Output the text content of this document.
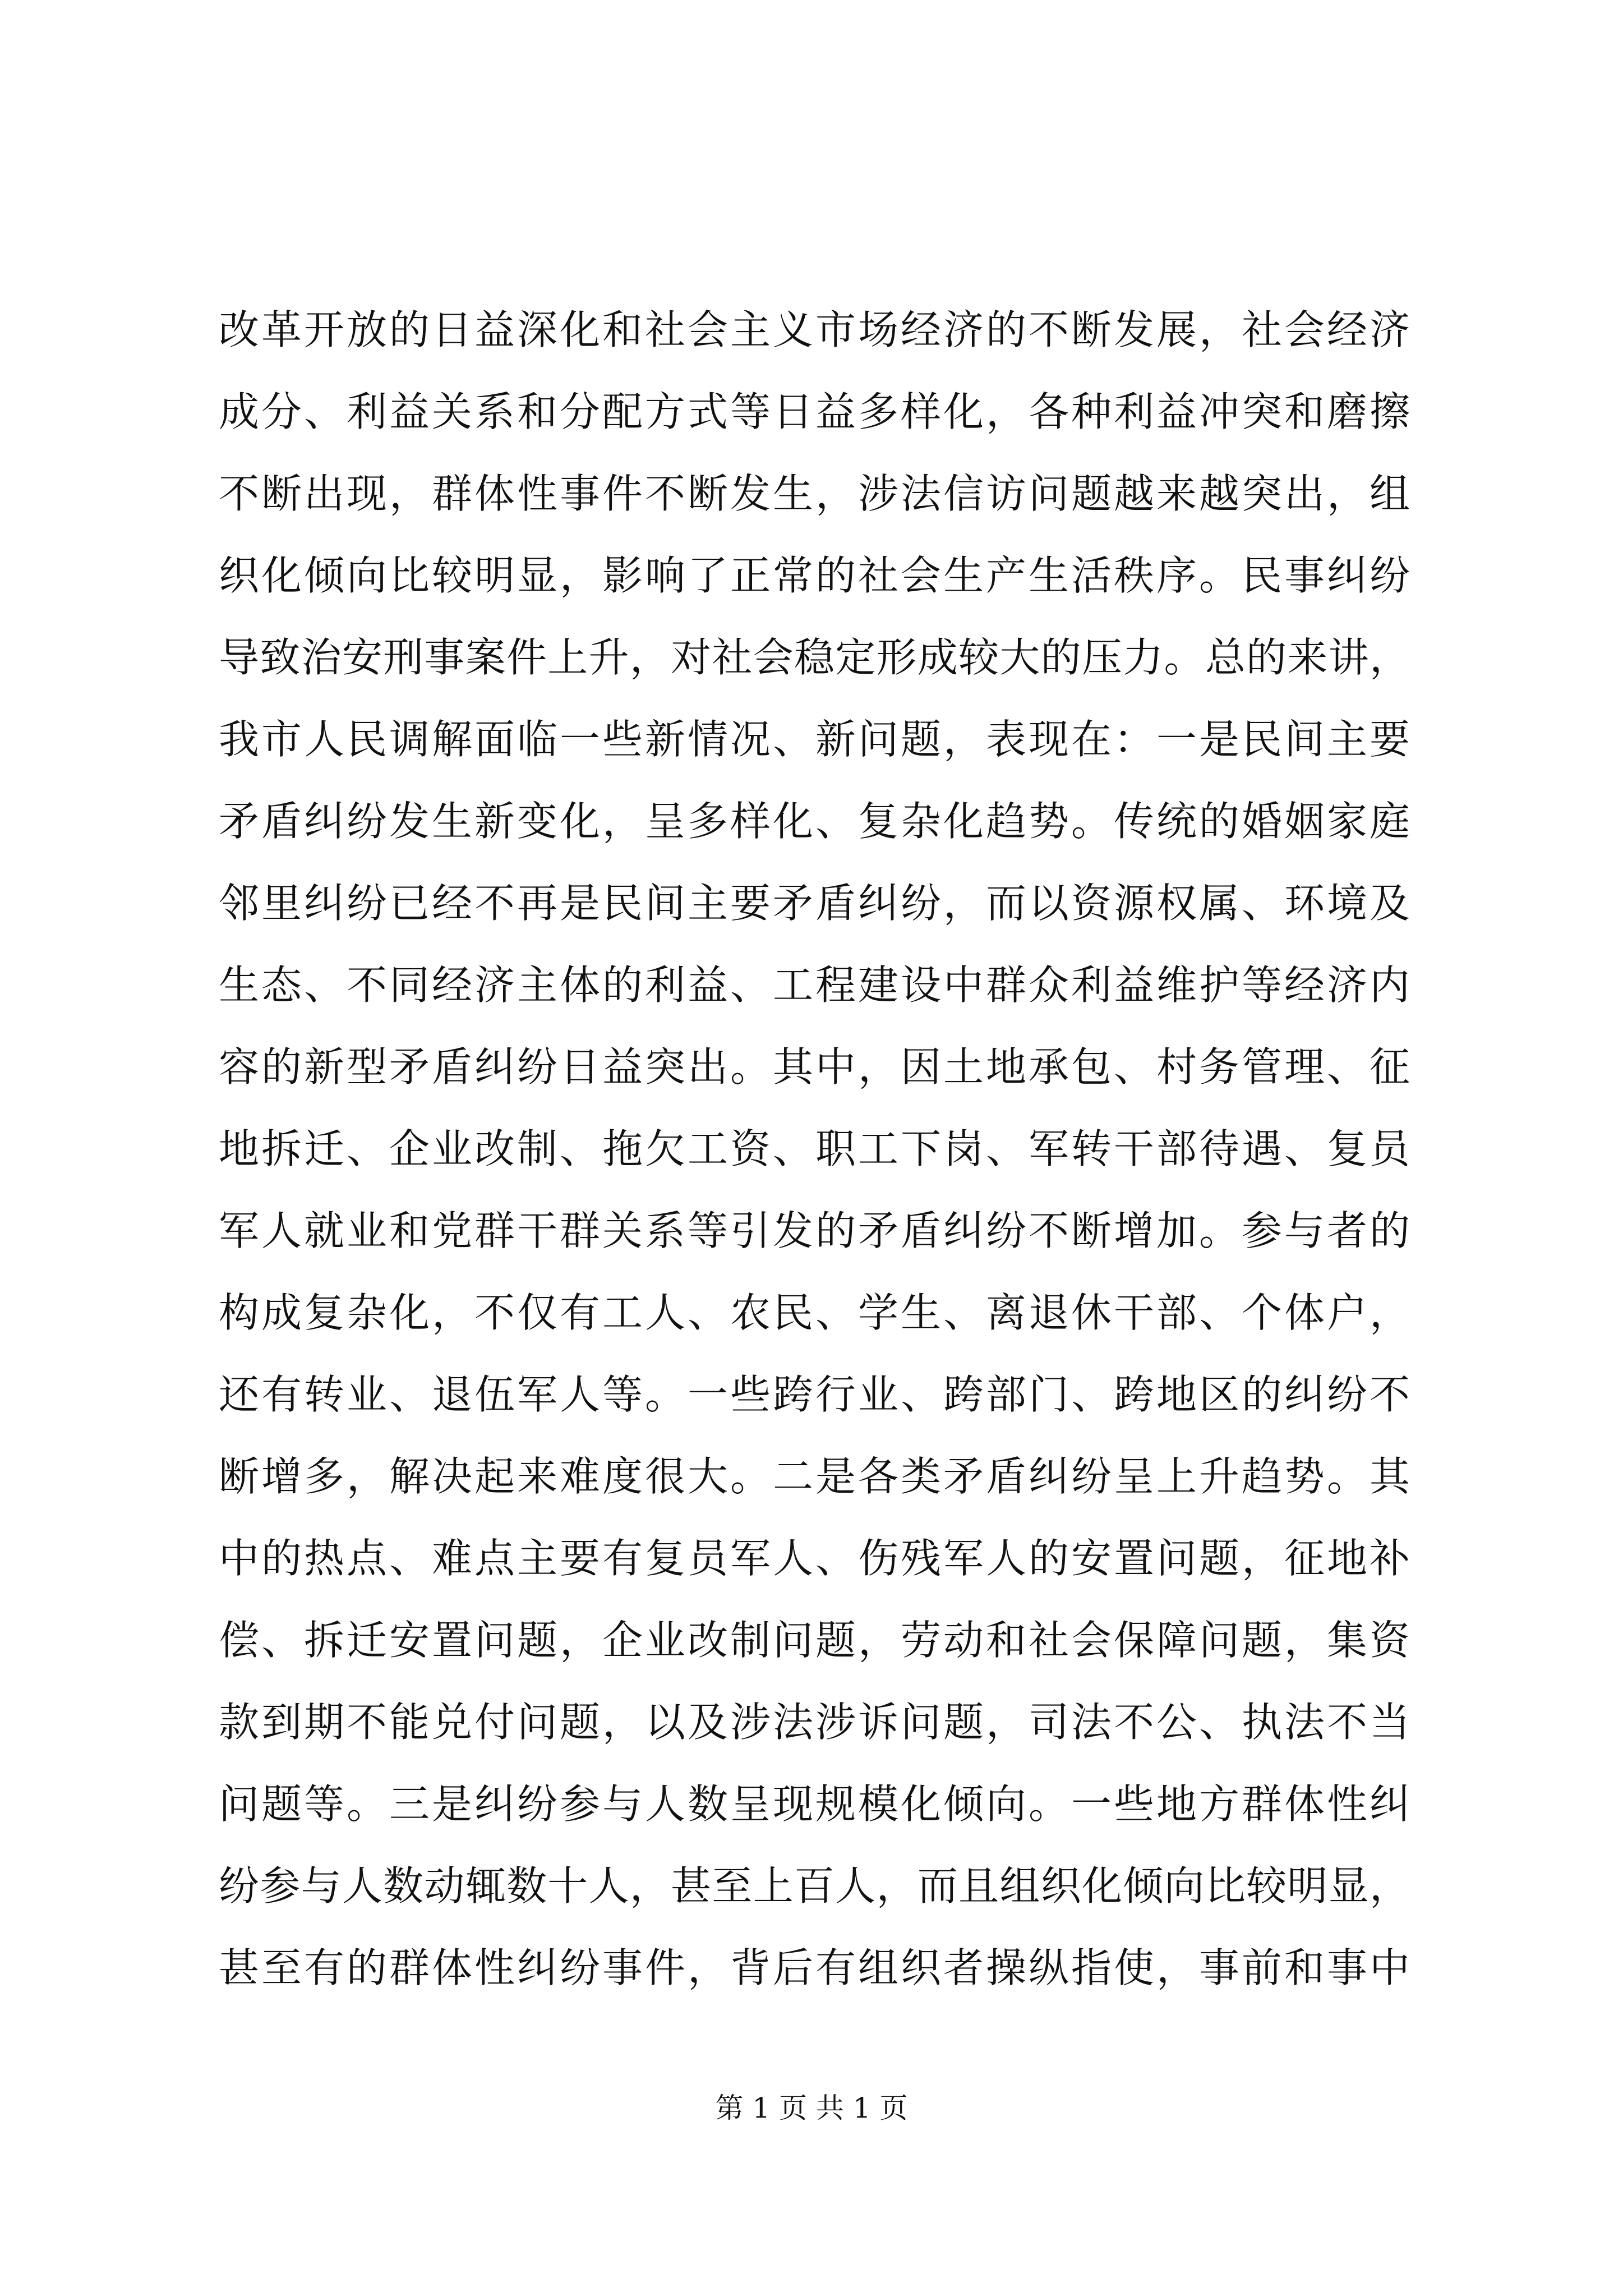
改革开放的日益深化和社会主义市场经济的不断发展，社会经济
成分、利益关系和分配方式等日益多样化，各种利益冲突和磨擦
不断出现，群体性事件不断发生，涉法信访问题越来越突出，组
织化倾向比较明显，影响了正常的社会生产生活秩序。民事纠纷
导致治安刑事案件上升，对社会稳定形成较大的压力。总的来讲，
我市人民调解面临一些新情况、新问题，表现在：一是民间主要
矛盾纠纷发生新变化，呈多样化、复杂化趋势。传统的婚姻家庭
邻里纠纷已经不再是民间主要矛盾纠纷，而以资源权属、环境及
生态、不同经济主体的利益、工程建设中群众利益维护等经济内
容的新型矛盾纠纷日益突出。其中，因土地承包、村务管理、征
地拆迁、企业改制、拖欠工资、职工下岗、军转干部待遇、复员
军人就业和党群干群关系等引发的矛盾纠纷不断增加。参与者的
构成复杂化，不仅有工人、农民、学生、离退休干部、个体户，
还有转业、退伍军人等。一些跨行业、跨部门、跨地区的纠纷不
断增多，解决起来难度很大。二是各类矛盾纠纷呈上升趋势。其
中的热点、难点主要有复员军人、伤残军人的安置问题，征地补
偿、拆迁安置问题，企业改制问题，劳动和社会保障问题，集资
款到期不能兑付问题，以及涉法涉诉问题，司法不公、执法不当
问题等。三是纠纷参与人数呈现规模化倾向。一些地方群体性纠
纷参与人数动辄数十人，甚至上百人，而且组织化倾向比较明显，
甚至有的群体性纠纷事件，背后有组织者操纵指使，事前和事中
第 1 页 共 1 页
